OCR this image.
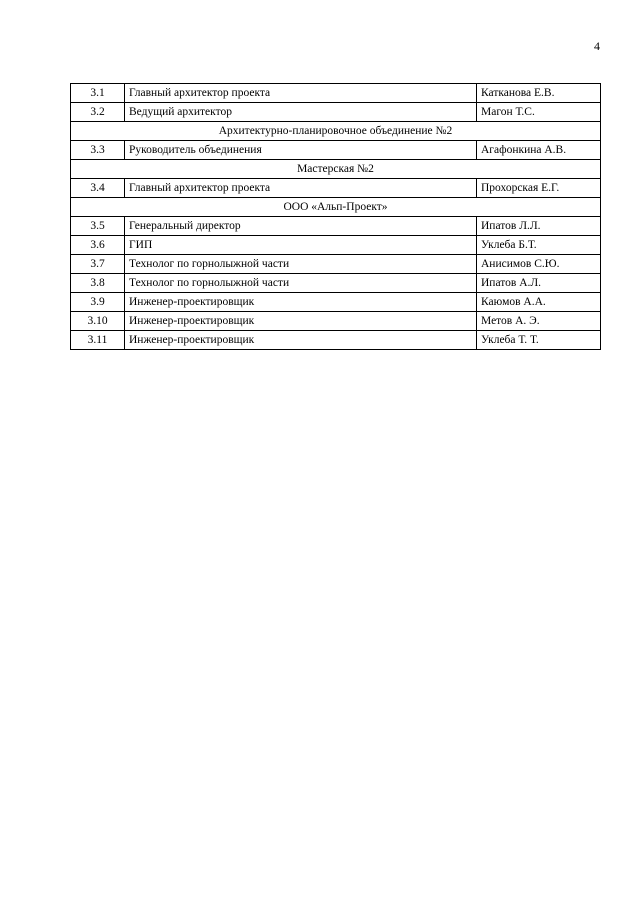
4
3.1	Главный архитектор проекта	Катканова Е.В.
3.2	Ведущий архитектор	Магон Т.С.
Архитектурно-планировочное объединение №2		
3.3	Руководитель объединения	Агафонкина А.В.
Мастерская №2		
3.4	Главный архитектор проекта	Прохорская Е.Г.
ООО «Альп-Проект»		
3.5	Генеральный директор	Ипатов Л.Л.
3.6	ГИП	Уклеба Б.Т.
3.7	Технолог по горнолыжной части	Анисимов С.Ю.
3.8	Технолог по горнолыжной части	Ипатов А.Л.
3.9	Инженер-проектировщик	Каюмов А.А.
3.10	Инженер-проектировщик	Метов А. Э.
3.11	Инженер-проектировщик	Уклеба Т. Т.
